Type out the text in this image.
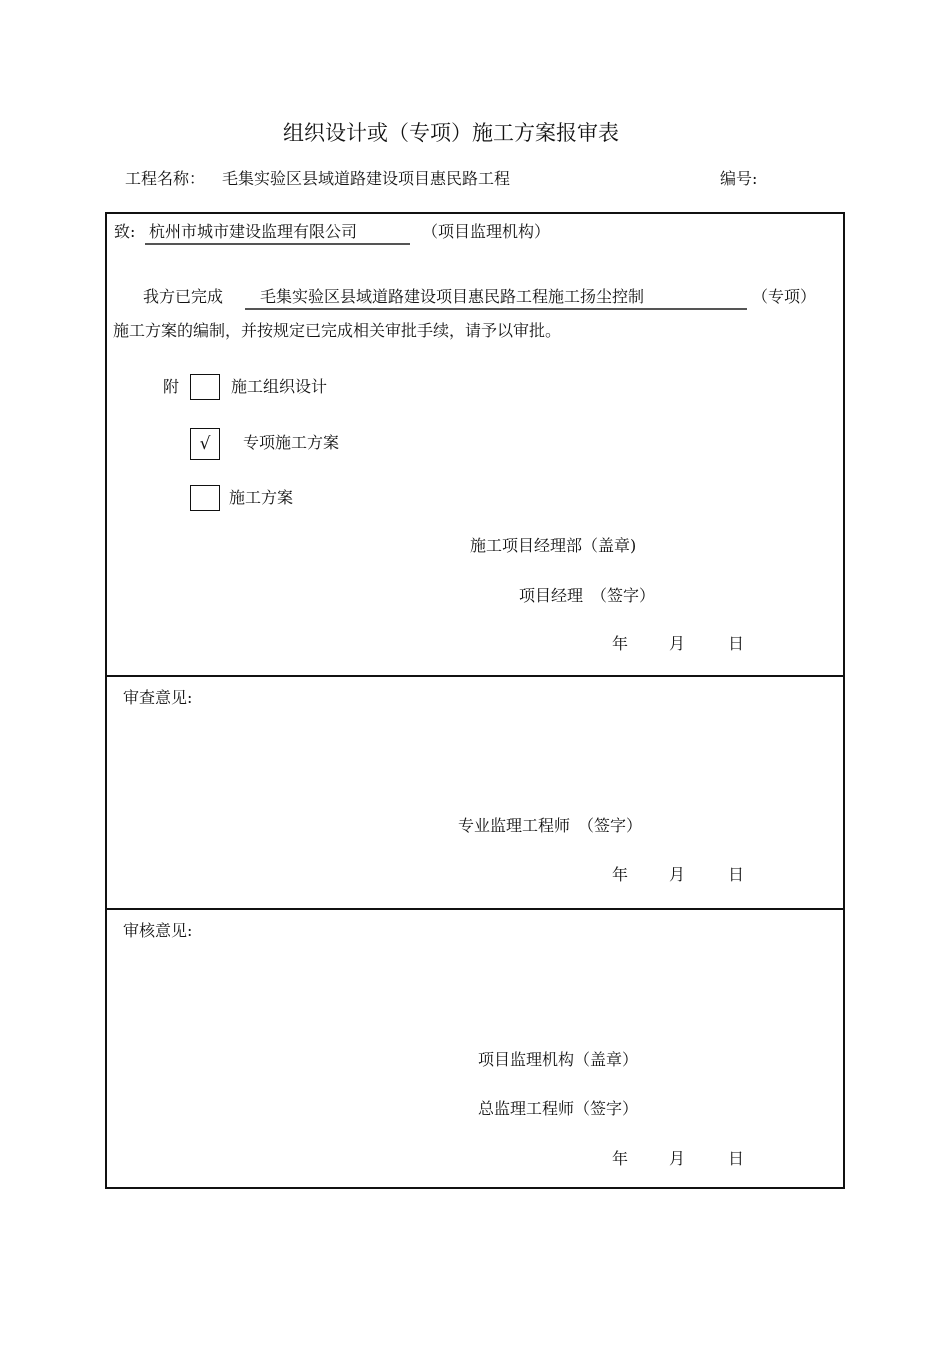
组织设计或（专项）施工方案报审表
工程名称： 毛集实验区县域道路建设项目惠民路工程	编号:
致: 杭州市城市建设监理有限公司	（项目监理机构）
我方已完成 毛集实验区县域道路建设项目惠民路工程施工扬尘控制	（专项）
施工方案的编制，并按规定已完成相关审批手续，请予以审批。
附	施工组织设计
√	专项施工方案
施工方案
施工项目经理部（盖章)
项目经理　（签字）
年	月	日
审查意见:
专业监理工程师　（签字）
年	月	日
审核意见:
项目监理机构（盖章）
总监理工程师（签字）
年	月	日
